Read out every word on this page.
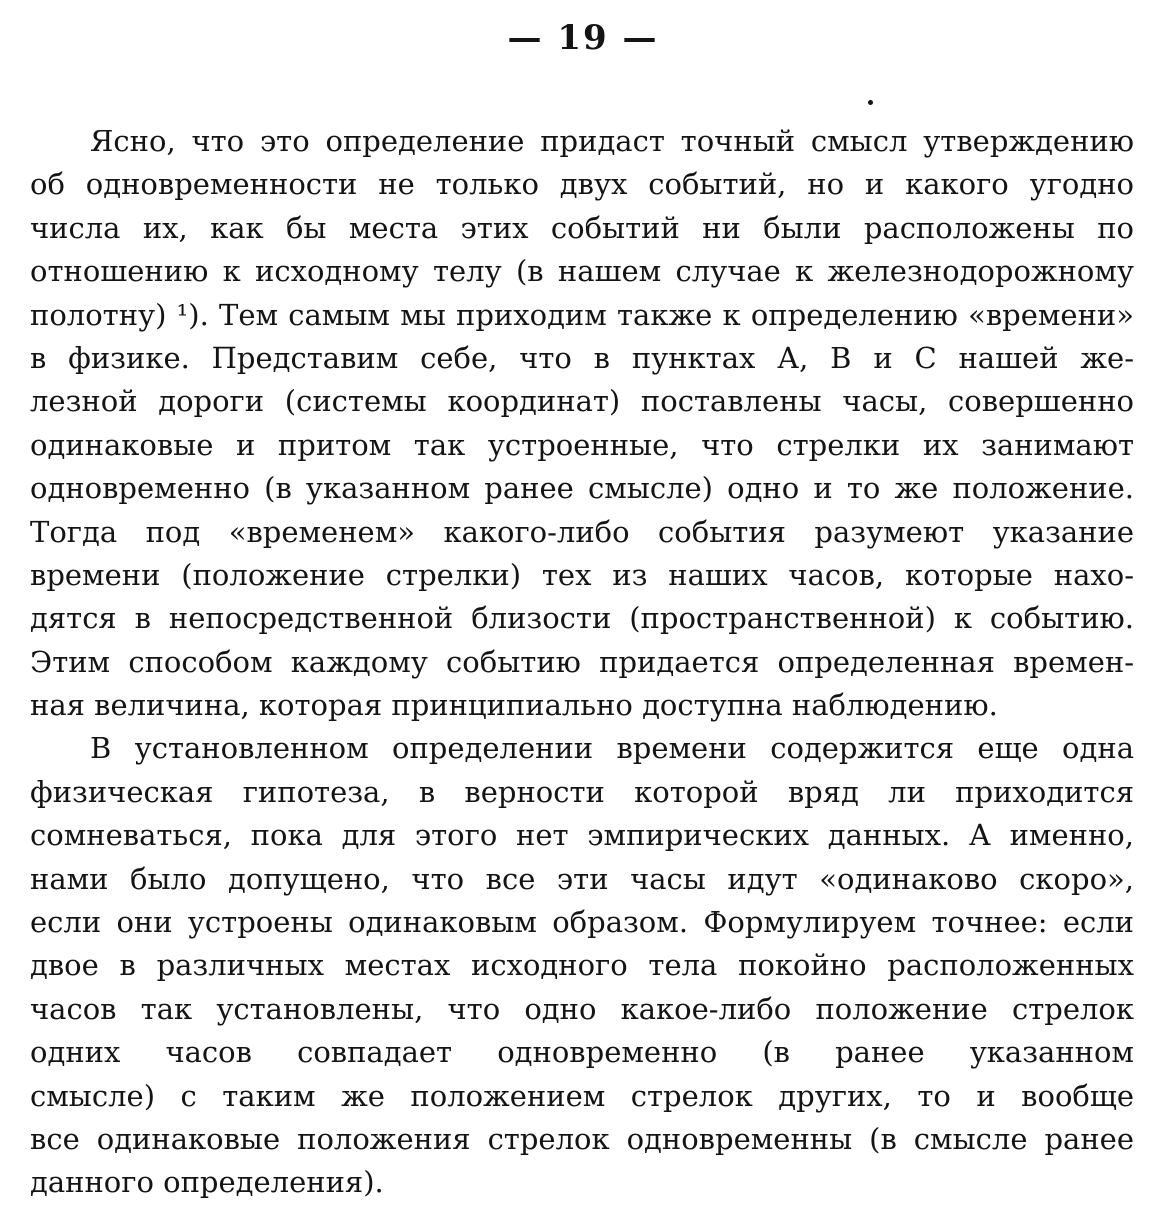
— 19 —
Ясно, что это определение придаст точный смысл утверждению
об одновременности не только двух событий, но и какого угодно
числа их, как бы места этих событий ни были расположены по
отношению к исходному телу (в нашем случае к железнодорожному
полотну) ¹). Тем самым мы приходим также к определению «времени»
в физике. Представим себе, что в пунктах А, В и С нашей же-
лезной дороги (системы координат) поставлены часы, совершенно
одинаковые и притом так устроенные, что стрелки их занимают
одновременно (в указанном ранее смысле) одно и то же положение.
Тогда под «временем» какого-либо события разумеют указание
времени (положение стрелки) тех из наших часов, которые нахо-
дятся в непосредственной близости (пространственной) к событию.
Этим способом каждому событию придается определенная времен-
ная величина, которая принципиально доступна наблюдению.
В установленном определении времени содержится еще одна
физическая гипотеза, в верности которой вряд ли приходится
сомневаться, пока для этого нет эмпирических данных. А именно,
нами было допущено, что все эти часы идут «одинаково скоро»,
если они устроены одинаковым образом. Формулируем точнее: если
двое в различных местах исходного тела покойно расположенных
часов так установлены, что одно какое-либо положение стрелок
одних часов совпадает одновременно (в ранее указанном
смысле) с таким же положением стрелок других, то и вообще
все одинаковые положения стрелок одновременны (в смысле ранее
данного определения).
